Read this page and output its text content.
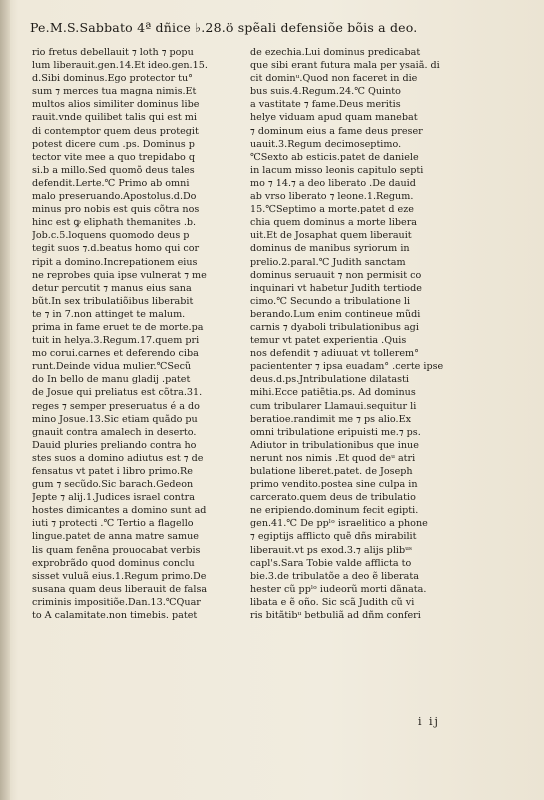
Pe.M.S.Sabbato 4ª dñice ♭.28.ö spẽali defensiõe bõis a deo.
rio fretus debellauit ⁊ loth ⁊ popu
lum liberauit.gen.14.Et ideo.gen.15.
d.Sibi dominus.Ego protector tu°
sum ⁊ merces tua magna nimis.Et
multos alios similiter dominus libe
rauit.vnde quilibet talis qui est mi
di contemptor quem deus protegit
potest dicere cum .ps. Dominus p
tector vite mee a quo trepidabo q
si.b a millo.Sed quomõ deus tales
defendit.Lerte.℃ Primo ab omni
malo preseruando.Apostolus.d.Do
minus pro nobis est quis cõtra nos
hinc est ꝙ eliphath themanites .b.
Job.c.5.loquens quomodo deus p
tegit suos ⁊.d.beatus homo qui cor
ripit a domino.Increpationem eius
ne reprobes quia ipse vulnerat ⁊ me
detur percutit ⁊ manus eius sana
bũt.In sex tribulatiõibus liberabit
te ⁊ in 7.non attinget te malum.
prima in fame eruet te de morte.pa
tuit in helya.3.Regum.17.quem pri
mo corui.carnes et deferendo ciba
runt.Deinde vidua mulier.℃Secũ
do In bello de manu gladij .patet
de Josue qui preliatus est cõtra.31.
reges ⁊ semper preseruatus é a do
mino Josue.13.Sic etiam quãdo pu
gnauit contra amalech in deserto.
Dauid pluries preliando contra ho
stes suos a domino adiutus est ⁊ de
fensatus vt patet i libro primo.Re
gum ⁊ secũdo.Sic barach.Gedeon
Jepte ⁊ alij.1.Judices israel contra
hostes dimicantes a domino sunt ad
iuti ⁊ protecti .℃ Tertio a flagello
lingue.patet de anna matre samue
lis quam fenẽna prouocabat verbis
exprobrãdo quod dominus conclu
sisset vuluã eius.1.Regum primo.De
susana quam deus liberauit de falsa
criminis impositiõe.Dan.13.℃Quar
to A calamitate.non timebis. patet
de ezechia.Lui dominus predicabat
que sibi erant futura mala per ysaiã. di
cit dominᵘ.Quod non faceret in die
bus suis.4.Regum.24.℃ Quinto
a vastitate ⁊ fame.Deus meritis
helye viduam apud quam manebat
⁊ dominum eius a fame deus preser
uauit.3.Regum decimoseptimo.
℃Sexto ab esticis.patet de daniele
in lacum misso leonis capitulo septi
mo ⁊ 14.⁊ a deo liberato .De dauid
ab vrso liberato ⁊ leone.1.Regum.
15.℃Septimo a morte.patet d eze
chia quem dominus a morte libera
uit.Et de Josaphat quem liberauit
dominus de manibus syriorum in
prelio.2.paral.℃ Judith sanctam
dominus seruauit ⁊ non permisit co
inquinari vt habetur Judith tertiode
cimo.℃ Secundo a tribulatione li
berando.Lum enim contineue mũdi
carnis ⁊ dyaboli tribulationibus agi
temur vt patet experientia .Quis
nos defendit ⁊ adiuuat vt tollerem°
paciententer ⁊ ipsa euadam° .certe ipse
deus.d.ps.Jntribulatione dilatasti
mihi.Ecce patiẽtia.ps. Ad dominus
cum tribularer Llamaui.sequitur li
beratioe.randimit me ⁊ ps alio.Ex
omni tribulatione eripuisti me.⁊ ps.
Adiutor in tribulationibus que inue
nerunt nos nimis .Et quod deᵘ atri
bulatione liberet.patet. de Joseph
primo vendito.postea sine culpa in
carcerato.quem deus de tribulatio
ne eripiendo.dominum fecit egipti.
gen.41.℃ De ppˡᵒ israelitico a phone
⁊ egiptijs afflicto quẽ dñs mirabilit
liberauit.vt ps exod.3.⁊ alijs plibᵘˢ
capl's.Sara Tobie valde afflicta to
bie.3.de tribulatõe a deo ẽ liberata
hester cũ ppˡᵒ iudeorũ morti dãnata.
libata e ẽ oño. Sic scã Judith cũ vi
ris bitãtibᵘ betbuliã ad dñm conferi
i ij
